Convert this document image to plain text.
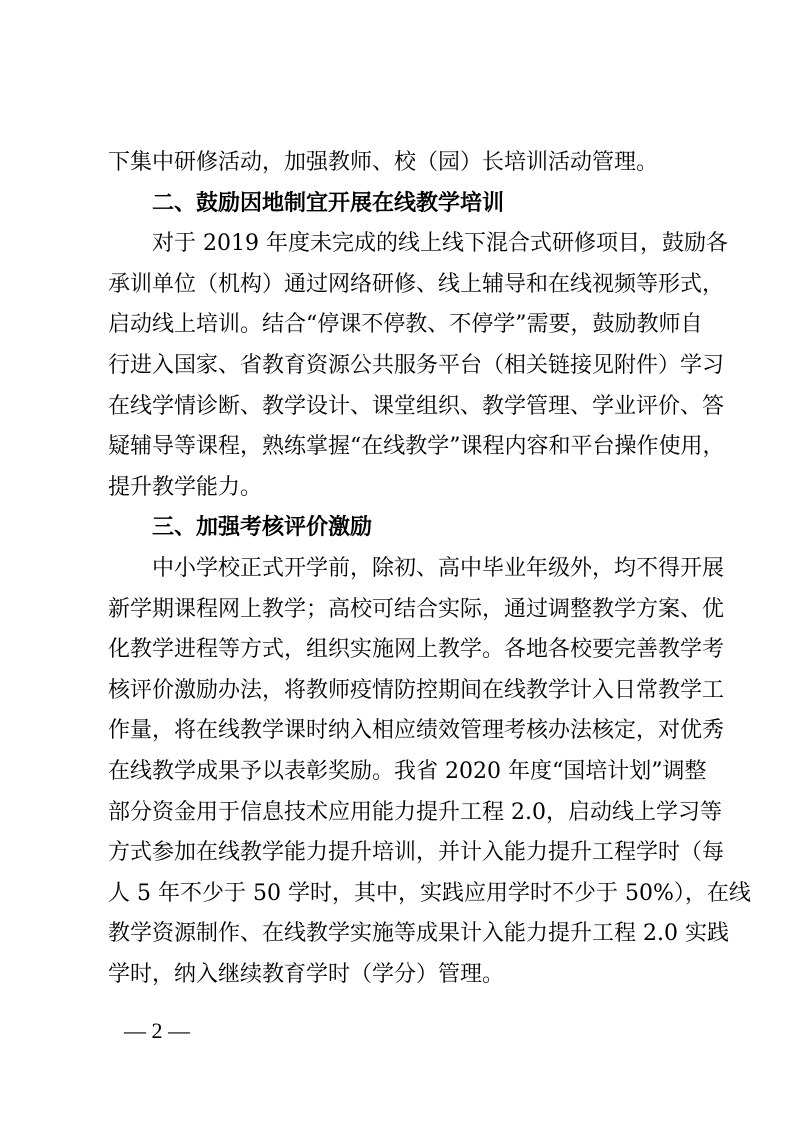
下集中研修活动，加强教师、校（园）长培训活动管理。
二、鼓励因地制宜开展在线教学培训
对于 2019 年度未完成的线上线下混合式研修项目，鼓励各
承训单位（机构）通过网络研修、线上辅导和在线视频等形式，
启动线上培训。结合“停课不停教、不停学”需要，鼓励教师自
行进入国家、省教育资源公共服务平台（相关链接见附件）学习
在线学情诊断、教学设计、课堂组织、教学管理、学业评价、答
疑辅导等课程，熟练掌握“在线教学”课程内容和平台操作使用，
提升教学能力。
三、加强考核评价激励
中小学校正式开学前，除初、高中毕业年级外，均不得开展
新学期课程网上教学；高校可结合实际，通过调整教学方案、优
化教学进程等方式，组织实施网上教学。各地各校要完善教学考
核评价激励办法，将教师疫情防控期间在线教学计入日常教学工
作量，将在线教学课时纳入相应绩效管理考核办法核定，对优秀
在线教学成果予以表彰奖励。我省 2020 年度“国培计划”调整
部分资金用于信息技术应用能力提升工程 2.0，启动线上学习等
方式参加在线教学能力提升培训，并计入能力提升工程学时（每
人 5 年不少于 50 学时，其中，实践应用学时不少于 50%），在线
教学资源制作、在线教学实施等成果计入能力提升工程 2.0 实践
学时，纳入继续教育学时（学分）管理。
— 2 —
